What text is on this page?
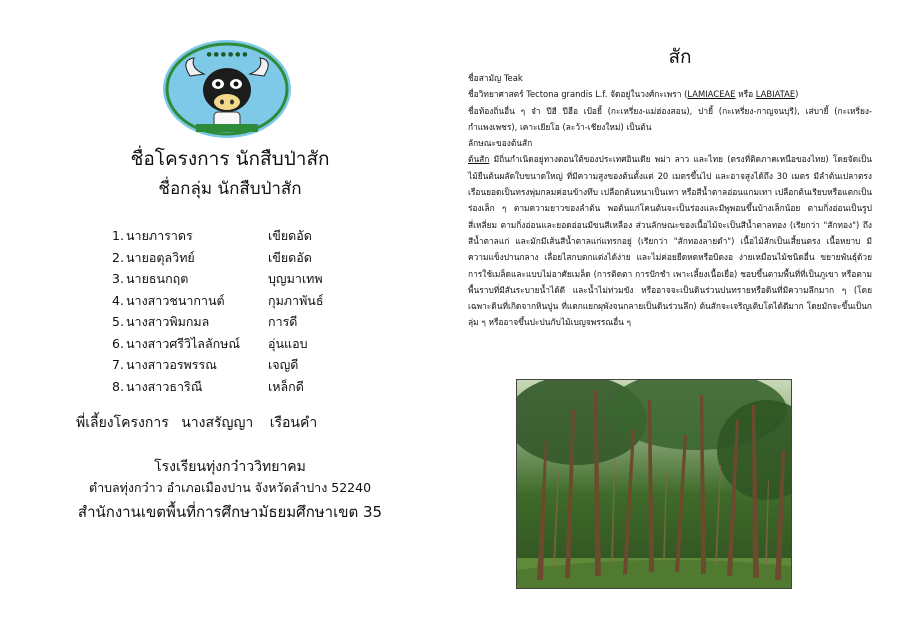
● ● ● ● ● ●
ชื่อโครงการ นักสืบป่าสัก
ชื่อกลุ่ม นักสืบป่าสัก
1. นายภาราดร	เขียดอัด
2. นายอตุลวิทย์	เขียดอัด
3. นายธนกฤต	บุญมาเทพ
4. นางสาวชนากานต์	กุมภาพันธ์
5. นางสาวพิมกมล	การดี
6. นางสาวศรีวิไลลักษณ์	อุ่นแอบ
7. นางสาวอรพรรณ	เจญดี
8. นางสาวธาริณี	เหล็กดี
พี่เลี้ยงโครงการ นางสรัญญา เรือนคำ
โรงเรียนทุ่งกว๋าววิทยาคม
ตำบลทุ่งกว๋าว อำเภอเมืองปาน จังหวัดลำปาง 52240
สำนักงานเขตพื้นที่การศึกษามัธยมศึกษาเขต 35
สัก

ชื่อสามัญ Teak

ชื่อวิทยาศาสตร์ Tectona grandis L.f. จัดอยู่ในวงศ์กะเพรา (LAMIACEAE หรือ LABIATAE)

ชื่อท้องถิ่นอื่น ๆ จ๋า ปีฮี ปีฮือ เป้อยี้ (กะเหรี่ยง-แม่ฮ่องสอน), ปายี้ (กะเหรี่ยง-กาญจนบุรี), เส่บายี้ (กะเหรี่ยง-กำแพงเพชร), เคาะเยียโอ (ละว้า-เชียงใหม่) เป็นต้น

ลักษณะของต้นสัก

ต้นสัก มีถิ่นกำเนิดอยู่ทางตอนใต้ของประเทศอินเดีย พม่า ลาว และไทย (ตรงที่ติดภาคเหนือของไทย) โดยจัดเป็นไม้ยืนต้นผลัดใบขนาดใหญ่ ที่มีความสูงของต้นตั้งแต่ 20 เมตรขึ้นไป และอาจสูงได้ถึง 30 เมตร มีลำต้นเปลาตรง เรือนยอดเป็นทรงพุ่มกลมค่อนข้างทึบ เปลือกต้นหนาเป็นเทา หรือสีน้ำตาลอ่อนแกมเทา เปลือกต้นเรียบหรือแตกเป็นร่องเล็ก ๆ ตามความยาวของลำต้น พอต้นแก่โคนต้นจะเป็นร่องและมีพูพอนขึ้นบ้างเล็กน้อย ตามกิ่งอ่อนเป็นรูปสี่เหลี่ยม ตามกิ่งอ่อนและยอดอ่อนมีขนสีเหลือง ส่วนลักษณะของเนื้อไม้จะเป็นสีน้ำตาลทอง (เรียกว่า "สักทอง") ถึงสีน้ำตาลแก่ และมักมีเส้นสีน้ำตาลแก่แทรกอยู่ (เรียกว่า "สักทองลายดำ") เนื้อไม้สักเป็นเสี้ยนตรง เนื้อหยาบ มีความแข็งปานกลาง เลื่อยไสกบตกแต่งได้ง่าย และไม่ค่อยยืดหดหรือบิดงอ ง่ายเหมือนไม้ชนิดอื่น ขยายพันธุ์ด้วยการใช้เมล็ดและแบบไม่อาศัยเมล็ด (การติดตา การปักชำ เพาะเลี้ยงเนื้อเยื่อ) ชอบขึ้นตามพื้นที่ที่เป็นภูเขา หรือตามพื้นราบที่มีสันระบายน้ำได้ดี และน้ำไม่ท่วมขัง หรืออาจจะเป็นดินร่วนปนทรายหรือดินที่มีความลึกมาก ๆ (โดยเฉพาะดินที่เกิดจากหินปูน ที่แตกแยกผุพังจนกลายเป็นดินร่วนลึก) ต้นสักจะเจริญเติบโตได้ดีมาก โดยมักจะขึ้นเป็นกลุ่ม ๆ หรืออาจขึ้นปะปนกับไม้เบญจพรรณอื่น ๆ
